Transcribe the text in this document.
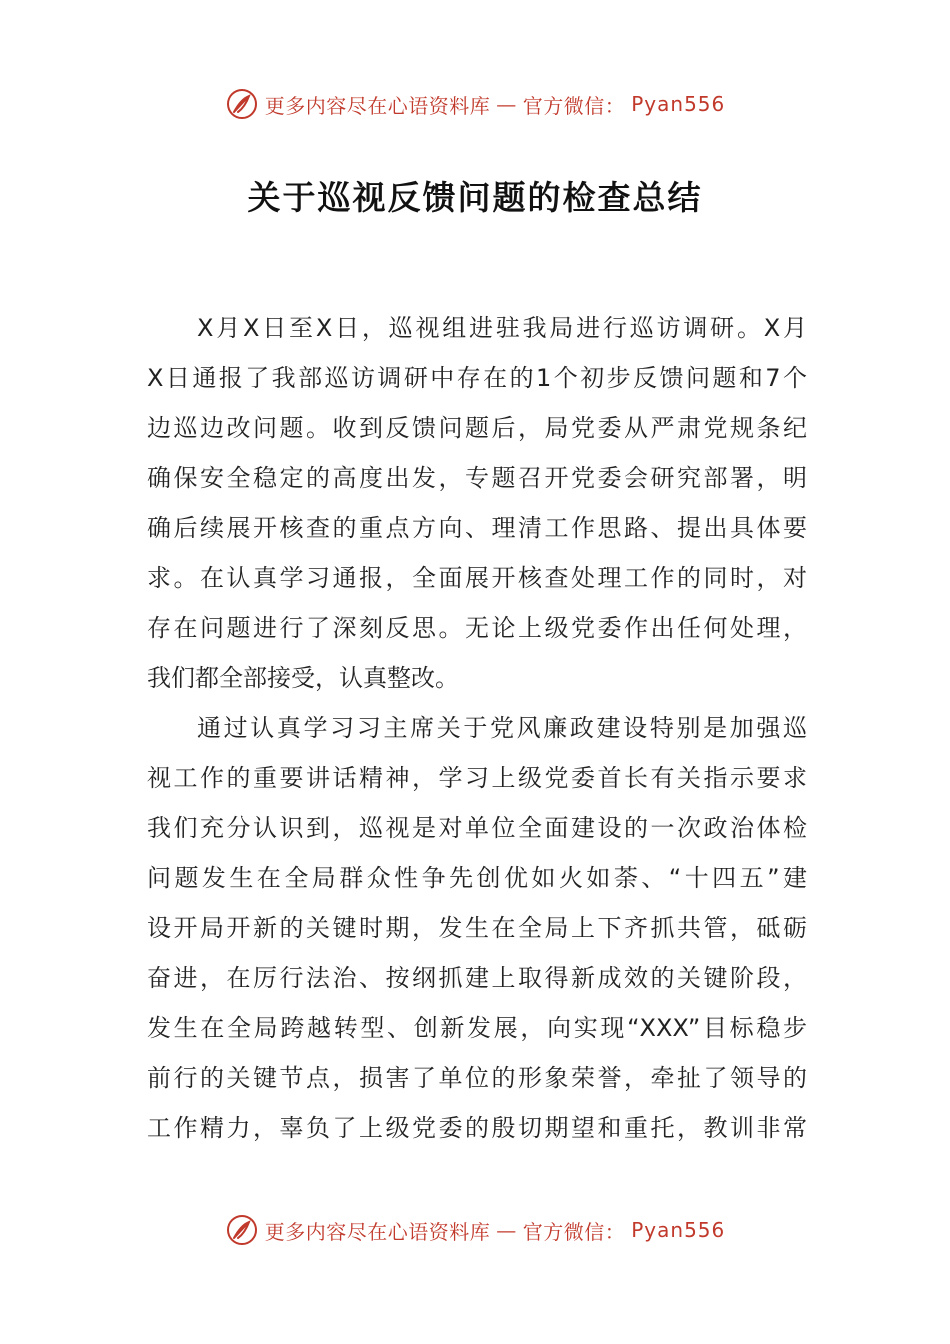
更多内容尽在心语资料库 — 官方微信： Pyan556
关于巡视反馈问题的检查总结
X月X日至X日，巡视组进驻我局进行巡访调研。X月
X日通报了我部巡访调研中存在的1个初步反馈问题和7个
边巡边改问题。收到反馈问题后，局党委从严肃党规条纪
确保安全稳定的高度出发，专题召开党委会研究部署，明
确后续展开核查的重点方向、理清工作思路、提出具体要
求。在认真学习通报，全面展开核查处理工作的同时，对
存在问题进行了深刻反思。无论上级党委作出任何处理，
我们都全部接受，认真整改。
通过认真学习习主席关于党风廉政建设特别是加强巡
视工作的重要讲话精神，学习上级党委首长有关指示要求
我们充分认识到，巡视是对单位全面建设的一次政治体检
问题发生在全局群众性争先创优如火如荼、“十四五”建
设开局开新的关键时期，发生在全局上下齐抓共管，砥砺
奋进，在厉行法治、按纲抓建上取得新成效的关键阶段，
发生在全局跨越转型、创新发展，向实现“XXX”目标稳步
前行的关键节点，损害了单位的形象荣誉，牵扯了领导的
工作精力，辜负了上级党委的殷切期望和重托，教训非常
更多内容尽在心语资料库 — 官方微信： Pyan556
